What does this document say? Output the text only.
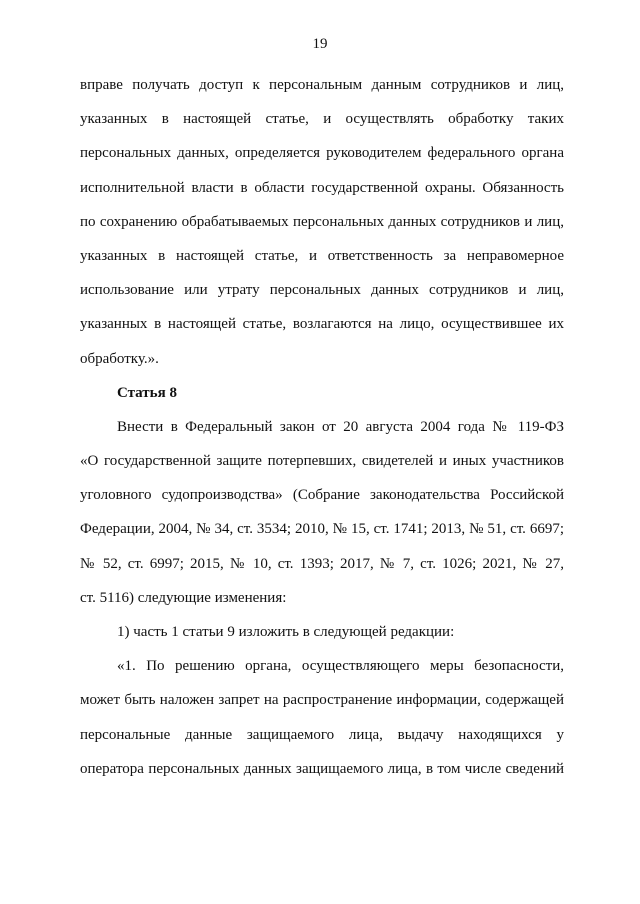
19
вправе получать доступ к персональным данным сотрудников и лиц,
указанных в настоящей статье, и осуществлять обработку таких
персональных данных, определяется руководителем федерального органа
исполнительной власти в области государственной охраны. Обязанность
по сохранению обрабатываемых персональных данных сотрудников и лиц,
указанных в настоящей статье, и ответственность за неправомерное
использование или утрату персональных данных сотрудников и лиц,
указанных в настоящей статье, возлагаются на лицо, осуществившее их
обработку.».
Статья 8
Внести в Федеральный закон от 20 августа 2004 года № 119-ФЗ
«О государственной защите потерпевших, свидетелей и иных участников
уголовного судопроизводства» (Собрание законодательства Российской
Федерации, 2004, № 34, ст. 3534; 2010, № 15, ст. 1741; 2013, № 51, ст. 6697;
№ 52, ст. 6997; 2015, № 10, ст. 1393; 2017, № 7, ст. 1026; 2021, № 27,
ст. 5116) следующие изменения:
1) часть 1 статьи 9 изложить в следующей редакции:
«1. По решению органа, осуществляющего меры безопасности,
может быть наложен запрет на распространение информации, содержащей
персональные данные защищаемого лица, выдачу находящихся у
оператора персональных данных защищаемого лица, в том числе сведений
